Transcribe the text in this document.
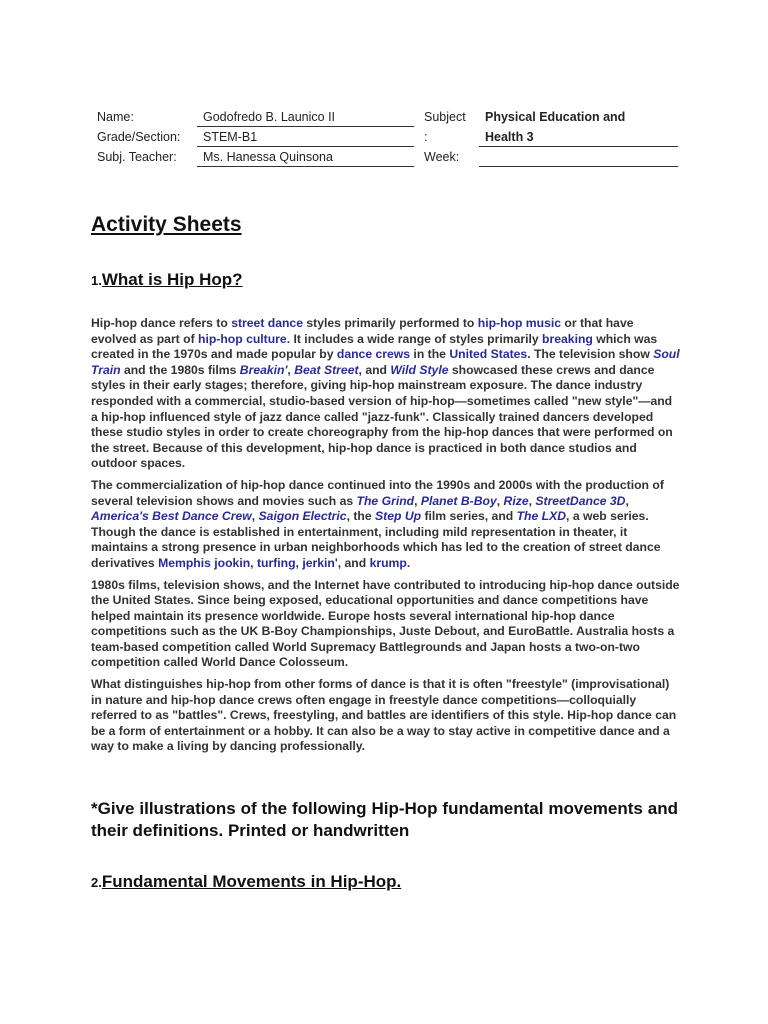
Name:	Godofredo B. Launico II
Grade/Section: STEM-B1
Subj. Teacher: Ms. Hanessa Quinsona
Subject
:
Physical Education and
Health 3
Week:
Activity Sheets
1.What is Hip Hop?

Hip-hop dance refers to street dance styles primarily performed to hip-hop music or that have evolved as part of hip-hop culture. It includes a wide range of styles primarily breaking which was created in the 1970s and made popular by dance crews in the United States. The television show Soul Train and the 1980s films Breakin', Beat Street, and Wild Style showcased these crews and dance styles in their early stages; therefore, giving hip-hop mainstream exposure. The dance industry responded with a commercial, studio-based version of hip-hop—sometimes called "new style"—and a hip-hop influenced style of jazz dance called "jazz-funk". Classically trained dancers developed these studio styles in order to create choreography from the hip-hop dances that were performed on the street. Because of this development, hip-hop dance is practiced in both dance studios and outdoor spaces.

The commercialization of hip-hop dance continued into the 1990s and 2000s with the production of several television shows and movies such as The Grind, Planet B-Boy, Rize, StreetDance 3D, America's Best Dance Crew, Saigon Electric, the Step Up film series, and The LXD, a web series. Though the dance is established in entertainment, including mild representation in theater, it maintains a strong presence in urban neighborhoods which has led to the creation of street dance derivatives Memphis jookin, turfing, jerkin', and krump.

1980s films, television shows, and the Internet have contributed to introducing hip-hop dance outside the United States. Since being exposed, educational opportunities and dance competitions have helped maintain its presence worldwide. Europe hosts several international hip-hop dance competitions such as the UK B-Boy Championships, Juste Debout, and EuroBattle. Australia hosts a team-based competition called World Supremacy Battlegrounds and Japan hosts a two-on-two competition called World Dance Colosseum.

What distinguishes hip-hop from other forms of dance is that it is often "freestyle" (improvisational) in nature and hip-hop dance crews often engage in freestyle dance competitions—colloquially referred to as "battles". Crews, freestyling, and battles are identifiers of this style. Hip-hop dance can be a form of entertainment or a hobby. It can also be a way to stay active in competitive dance and a way to make a living by dancing professionally.

*Give illustrations of the following Hip-Hop fundamental movements and their definitions. Printed or handwritten
2.Fundamental Movements in Hip-Hop.
